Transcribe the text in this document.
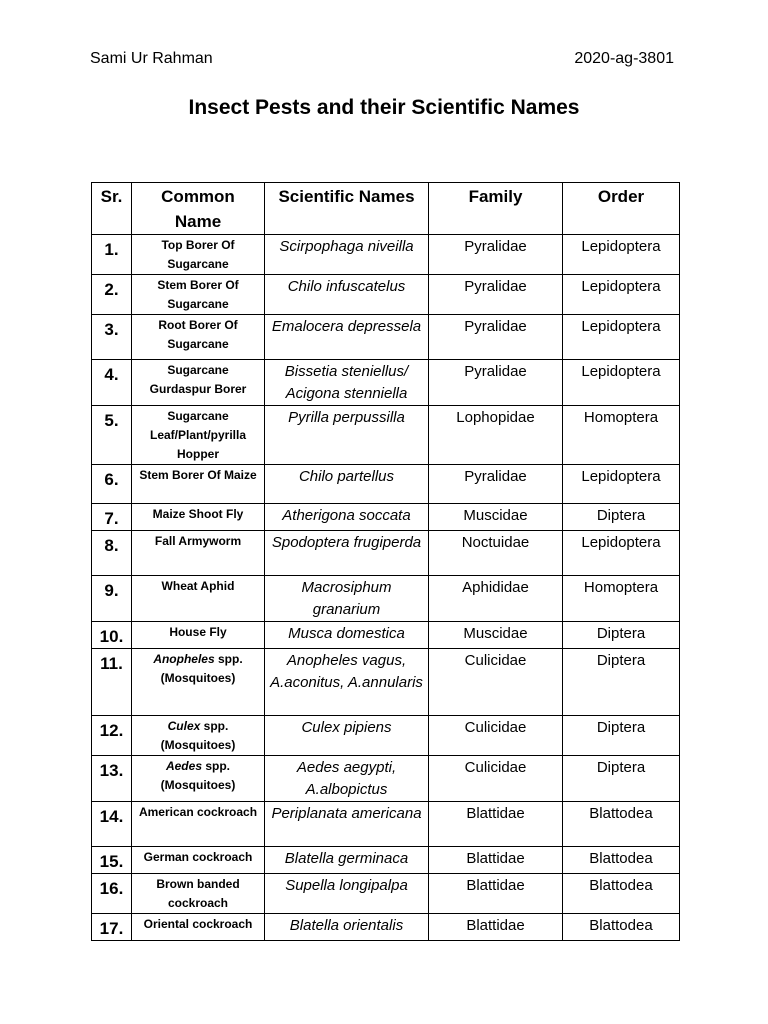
Sami Ur Rahman	2020-ag-3801
Insect Pests and their Scientific Names
Sr.	Common Name	Scientific Names	Family	Order
1.	Top Borer Of Sugarcane	Scirpophaga niveilla	Pyralidae	Lepidoptera
2.	Stem Borer Of Sugarcane	Chilo infuscatelus	Pyralidae	Lepidoptera
3.	Root Borer Of Sugarcane	Emalocera depressela	Pyralidae	Lepidoptera
4.	Sugarcane Gurdaspur Borer	Bissetia steniellus/ Acigona stenniella	Pyralidae	Lepidoptera
5.	Sugarcane Leaf/Plant/pyrilla Hopper	Pyrilla perpussilla	Lophopidae	Homoptera
6.	Stem Borer Of Maize	Chilo partellus	Pyralidae	Lepidoptera
7.	Maize Shoot Fly	Atherigona soccata	Muscidae	Diptera
8.	Fall Armyworm	Spodoptera frugiperda	Noctuidae	Lepidoptera
9.	Wheat Aphid	Macrosiphum granarium	Aphididae	Homoptera
10.	House Fly	Musca domestica	Muscidae	Diptera
11.	Anopheles spp. (Mosquitoes)	Anopheles vagus, A.aconitus, A.annularis	Culicidae	Diptera
12.	Culex spp. (Mosquitoes)	Culex pipiens	Culicidae	Diptera
13.	Aedes spp. (Mosquitoes)	Aedes aegypti, A.albopictus	Culicidae	Diptera
14.	American cockroach	Periplanata americana	Blattidae	Blattodea
15.	German cockroach	Blatella germinaca	Blattidae	Blattodea
16.	Brown banded cockroach	Supella longipalpa	Blattidae	Blattodea
17.	Oriental cockroach	Blatella orientalis	Blattidae	Blattodea
